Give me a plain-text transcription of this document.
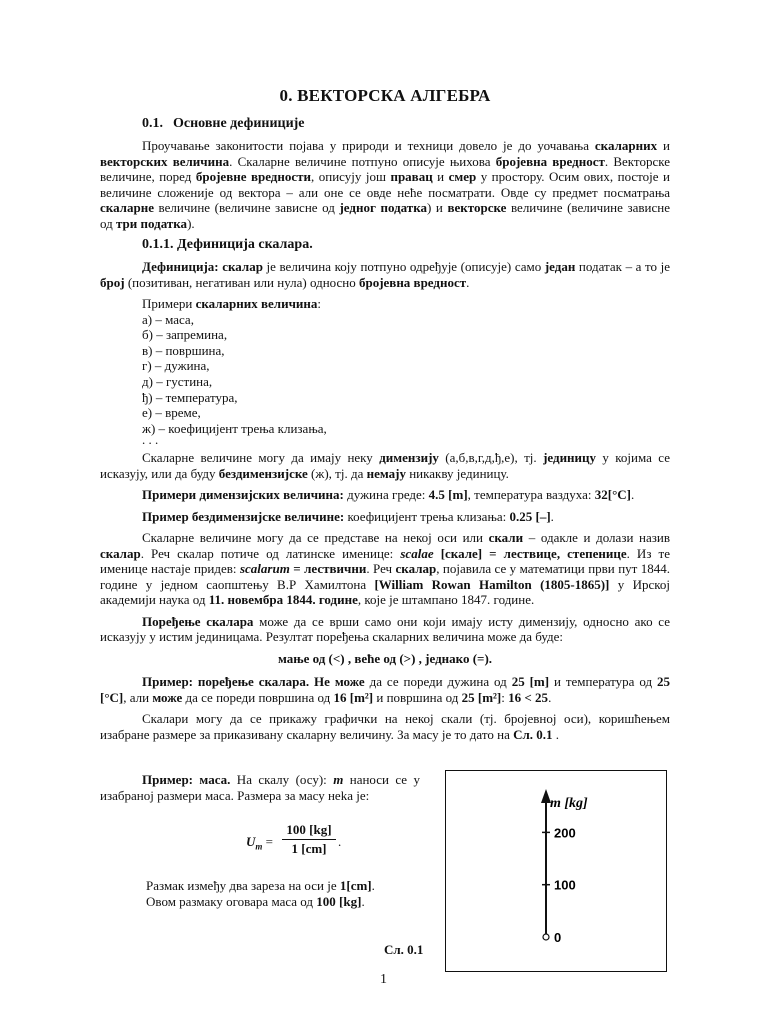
0. ВЕКТОРСКА АЛГЕБРА
0.1. Основне дефиниције

Проучавање законитости појава у природи и техници довело је до уочавања скаларних и векторских величина. Скаларне величине потпуно описује њихова бројевна вредност. Векторске величине, поред бројевне вредности, описују још правац и смер у простору. Осим ових, постоје и величине сложеније од вектора – али оне се овде неће посматрати. Овде су предмет посматрања скаларне величине (величине зависне од једног податка) и векторске величине (величине зависне од три податка).

0.1.1. Дефиниција скалара.

Дефиниција: скалар је величина коју потпуно одређује (описује) само један податак – а то је број (позитиван, негативан или нула) односно бројевна вредност.

Примери скаларних величина:
а) – маса,
б) – запремина,
в) – површина,
г) – дужина,
д) – густина,
ђ) – температура,
е) – време,
ж) – коефицијент трења клизања,
. . .

Скаларне величине могу да имају неку димензију (а,б,в,г,д,ђ,е), тј. јединицу у којима се исказују, или да буду бездимензијске (ж), тј. да немају никакву јединицу.

Примери димензијских величина: дужина греде: 4.5 [m], температура ваздуха: 32[°C].

Пример бездимензијске величине: коефицијент трења клизања: 0.25 [–].

Скаларне величине могу да се представе на некој оси или скали – одакле и долази назив скалар. Реч скалар потиче од латинске именице: scalae [скале] = лествице, степенице. Из те именице настаје придев: scalarum = лествични. Реч скалар, појавила се у математици први пут 1844. године у једном саопштењу В.Р Хамилтона [William Rowan Hamilton (1805-1865)] у Ирској академији наука од 11. новембра 1844. године, које је штампано 1847. године.

Поређење скалара може да се врши само они који имају исту димензију, односно ако се исказују у истим јединицама. Резултат поређења скаларних величина може да буде:

мање од (<) , веће од (>) , једнако (=).

Пример: поређење скалара. Не може да се пореди дужина од 25 [m] и температура од 25 [°C], али може да се пореди површина од 16 [m²] и површина од 25 [m²]: 16 < 25.

Скалари могу да се прикажу графички на некој скали (тј. бројевној оси), коришћењем изабране размере за приказивану скаларну величину. За масу је то дато на Сл. 0.1 .

Пример: маса. На скалу (осу): m наноси се у изабраној размери маса. Размера за масу неka је:

$U_m$ =
100 [kg]
1 [cm] .
Размак између два зареза на оси је 1[cm].
Овом размаку оговара маса од 100 [kg].
m [kg]
0
100
200
Сл. 0.1
1
